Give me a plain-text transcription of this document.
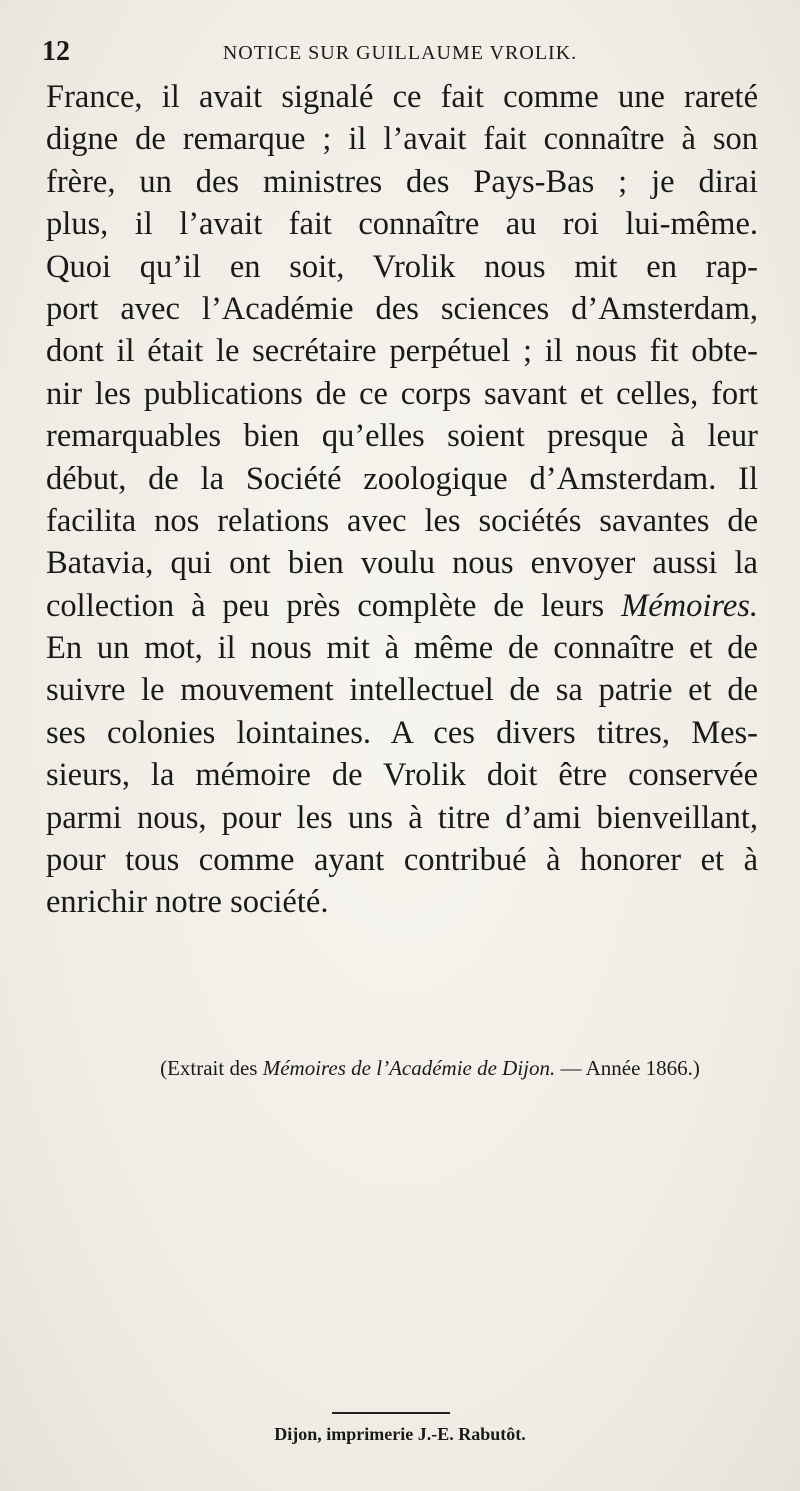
12	NOTICE SUR GUILLAUME VROLIK.
France, il avait signalé ce fait comme une rareté
digne de remarque ; il l’avait fait connaître à son
frère, un des ministres des Pays-Bas ; je dirai
plus, il l’avait fait connaître au roi lui-même.
Quoi qu’il en soit, Vrolik nous mit en rap-
port avec l’Académie des sciences d’Amsterdam,
dont il était le secrétaire perpétuel ; il nous fit obte-
nir les publications de ce corps savant et celles, fort
remarquables bien qu’elles soient presque à leur
début, de la Société zoologique d’Amsterdam. Il
facilita nos relations avec les sociétés savantes de
Batavia, qui ont bien voulu nous envoyer aussi la
collection à peu près complète de leurs Mémoires.
En un mot, il nous mit à même de connaître et de
suivre le mouvement intellectuel de sa patrie et de
ses colonies lointaines. A ces divers titres, Mes-
sieurs, la mémoire de Vrolik doit être conservée
parmi nous, pour les uns à titre d’ami bienveillant,
pour tous comme ayant contribué à honorer et à
enrichir notre société.
(Extrait des Mémoires de l’Académie de Dijon. — Année 1866.)
Dijon, imprimerie J.-E. Rabutôt.
